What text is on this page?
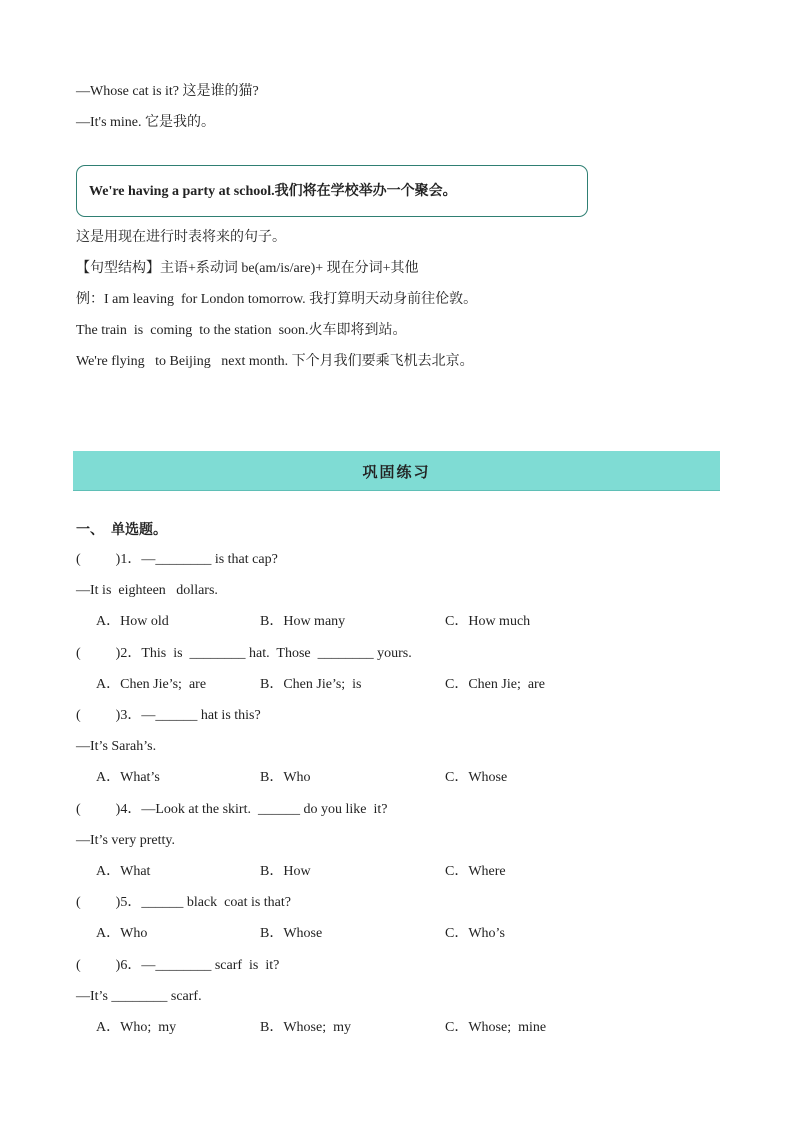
—Whose cat is it? 这是谁的猫?
—It's mine. 它是我的。
We're having a party at school.我们将在学校举办一个聚会。
这是用现在进行时表将来的句子。
【句型结构】主语+系动词 be(am/is/are)+ 现在分词+其他
例：I am leaving  for London tomorrow. 我打算明天动身前往伦敦。
The train  is  coming  to the station  soon.火车即将到站。
We're flying   to Beijing   next month. 下个月我们要乘飞机去北京。
巩固练习
一、  单选题。
(          )1．—________ is that cap?
—It is  eighteen   dollars.
A．How old	B．How many	C．How much
(          )2．This  is  ________ hat.  Those  ________ yours.
A．Chen Jie’s;  are	B．Chen Jie’s;  is	C．Chen Jie;  are
(          )3．—______ hat is this?
—It’s Sarah’s.
A．What’s	B．Who	C．Whose
(          )4．—Look at the skirt.  ______ do you like  it?
—It’s very pretty.
A．What	B．How	C．Where
(          )5．______ black  coat is that?
A．Who	B．Whose	C．Who’s
(          )6．—________ scarf  is  it?
—It’s ________ scarf.
A．Who;  my	B．Whose;  my	C．Whose;  mine
